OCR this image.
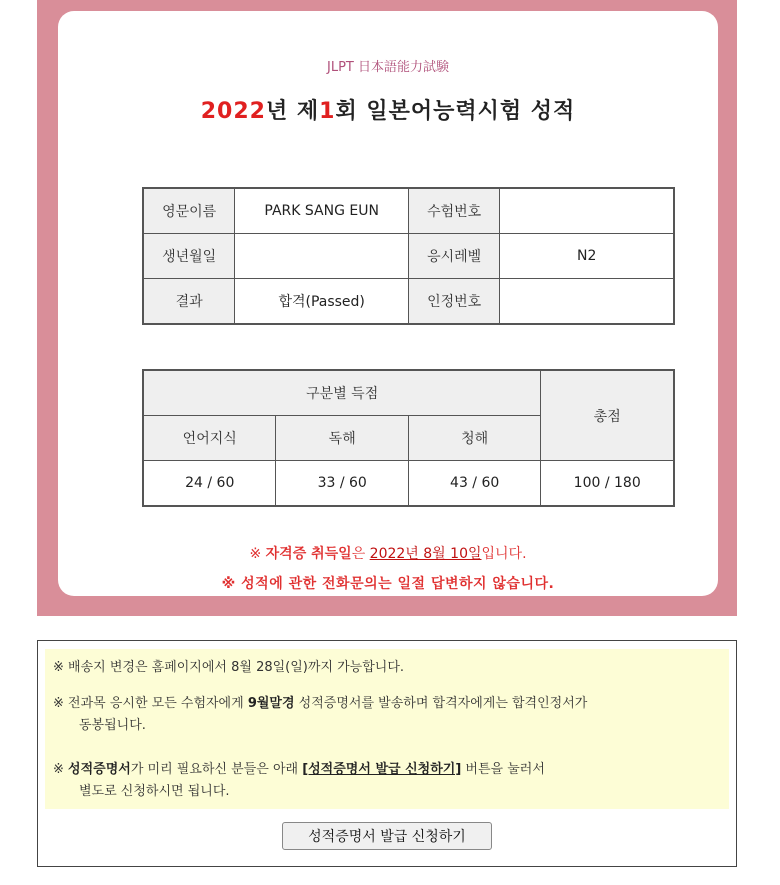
JLPT 日本語能力試験
2022년 제1회 일본어능력시험 성적
영문이름	PARK SANG EUN	수험번호	
생년월일		응시레벨	N2
결과	합격(Passed)	인정번호	
구분별 득점			총점
언어지식	독해	청해	
24 / 60	33 / 60	43 / 60	100 / 180
※ 자격증 취득일은 2022년 8월 10일입니다.
※ 성적에 관한 전화문의는 일절 답변하지 않습니다.
※ 배송지 변경은 홈페이지에서 8월 28일(일)까지 가능합니다.
※ 전과목 응시한 모든 수험자에게 9월말경 성적증명서를 발송하며 합격자에게는 합격인정서가
동봉됩니다.
※ 성적증명서가 미리 필요하신 분들은 아래 [성적증명서 발급 신청하기] 버튼을 눌러서
별도로 신청하시면 됩니다.
성적증명서 발급 신청하기
